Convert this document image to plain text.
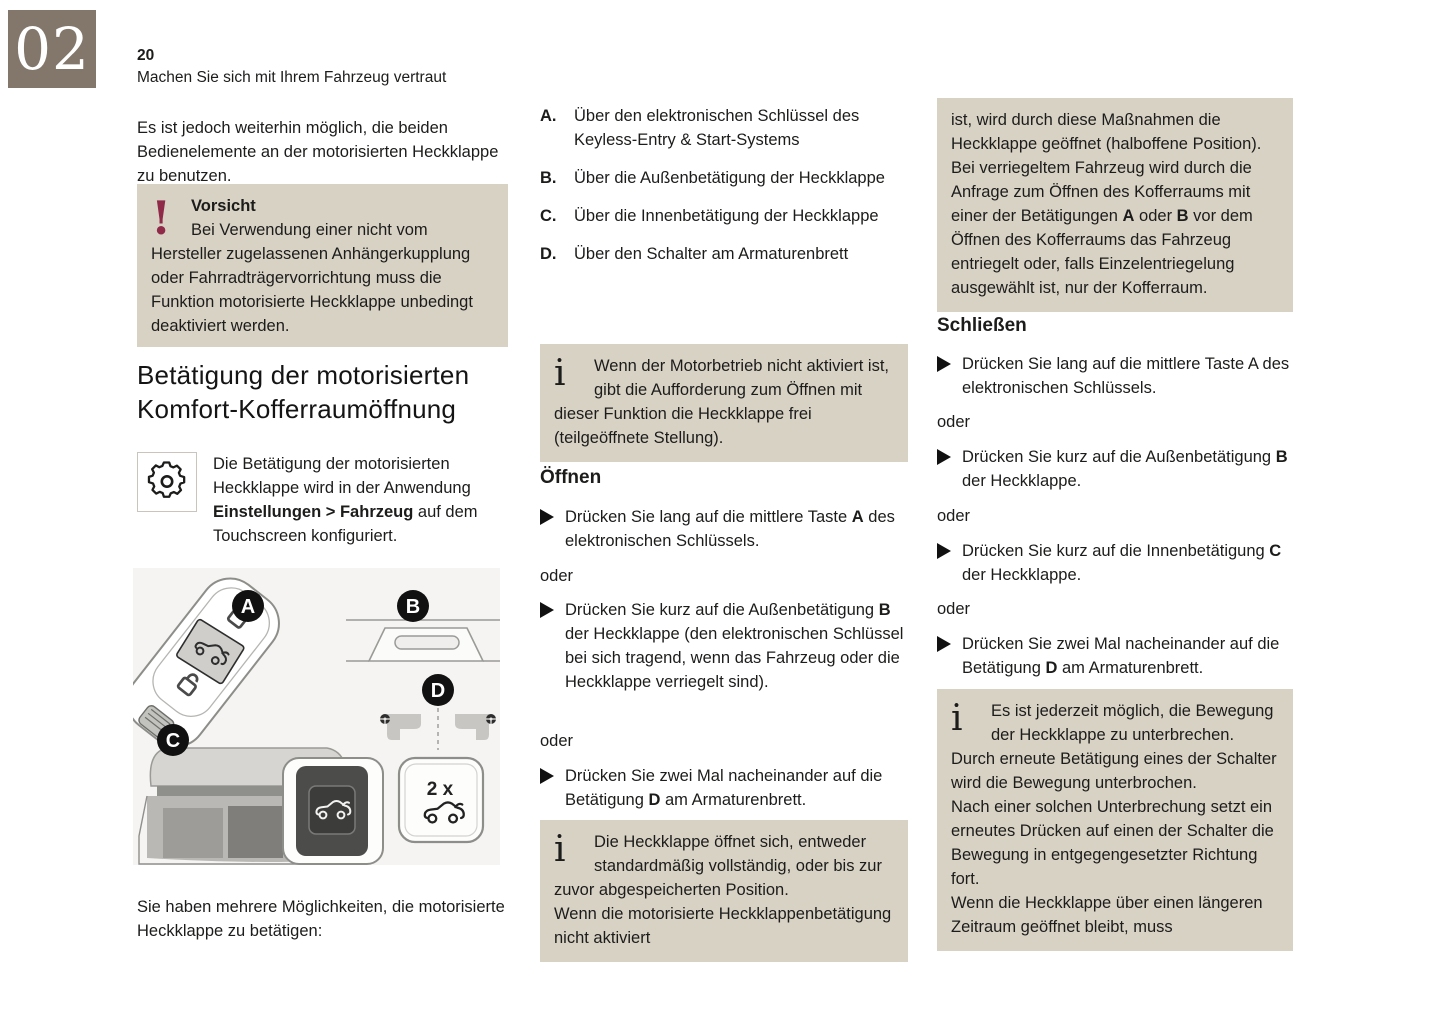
02	20
Machen Sie sich mit Ihrem Fahrzeug vertraut

Es ist jedoch weiterhin möglich, die beiden Bedienelemente an der motorisierten Heckklappe zu benutzen.

!	Vorsicht
Bei Verwendung einer nicht vom Hersteller zugelassenen Anhängerkupplung oder Fahrradträgervorrichtung muss die Funktion motorisierte Heckklappe unbedingt deaktiviert werden.
Betätigung der motorisierten Komfort-Kofferraumöffnung

Die Betätigung der motorisierten Heckklappe wird in der Anwendung Einstellungen > Fahrzeug auf dem Touchscreen konfiguriert.

A	B
C
2 x
D

Sie haben mehrere Möglichkeiten, die motorisierte Heckklappe zu betätigen:

A.	Über den elektronischen Schlüssel des Keyless-Entry & Start-Systems
B.	Über die Außenbetätigung der Heckklappe
C.	Über die Innenbetätigung der Heckklappe
D.	Über den Schalter am Armaturenbrett
i	Wenn der Motorbetrieb nicht aktiviert ist, gibt die Aufforderung zum Öffnen mit dieser Funktion die Heckklappe frei (teilgeöffnete Stellung).
Öffnen
Drücken Sie lang auf die mittlere Taste A des elektronischen Schlüssels.
oder
Drücken Sie kurz auf die Außenbetätigung B der Heckklappe (den elektronischen Schlüssel bei sich tragend, wenn das Fahrzeug oder die Heckklappe verriegelt sind).
oder
Drücken Sie zwei Mal nacheinander auf die Betätigung D am Armaturenbrett.
i	Die Heckklappe öffnet sich, entweder standardmäßig vollständig, oder bis zur zuvor abgespeicherten Position.
Wenn die motorisierte Heckklappenbetätigung nicht aktiviert
ist, wird durch diese Maßnahmen die Heckklappe geöffnet (halboffene Position). Bei verriegeltem Fahrzeug wird durch die Anfrage zum Öffnen des Kofferraums mit einer der Betätigungen A oder B vor dem Öffnen des Kofferraums das Fahrzeug entriegelt oder, falls Einzelentriegelung ausgewählt ist, nur der Kofferraum.
Schließen
Drücken Sie lang auf die mittlere Taste A des elektronischen Schlüssels.
oder
Drücken Sie kurz auf die Außenbetätigung B der Heckklappe.
oder
Drücken Sie kurz auf die Innenbetätigung C der Heckklappe.
oder
Drücken Sie zwei Mal nacheinander auf die Betätigung D am Armaturenbrett.
i	Es ist jederzeit möglich, die Bewegung der Heckklappe zu unterbrechen.
Durch erneute Betätigung eines der Schalter wird die Bewegung unterbrochen.
Nach einer solchen Unterbrechung setzt ein erneutes Drücken auf einen der Schalter die Bewegung in entgegengesetzter Richtung fort.
Wenn die Heckklappe über einen längeren Zeitraum geöffnet bleibt, muss
